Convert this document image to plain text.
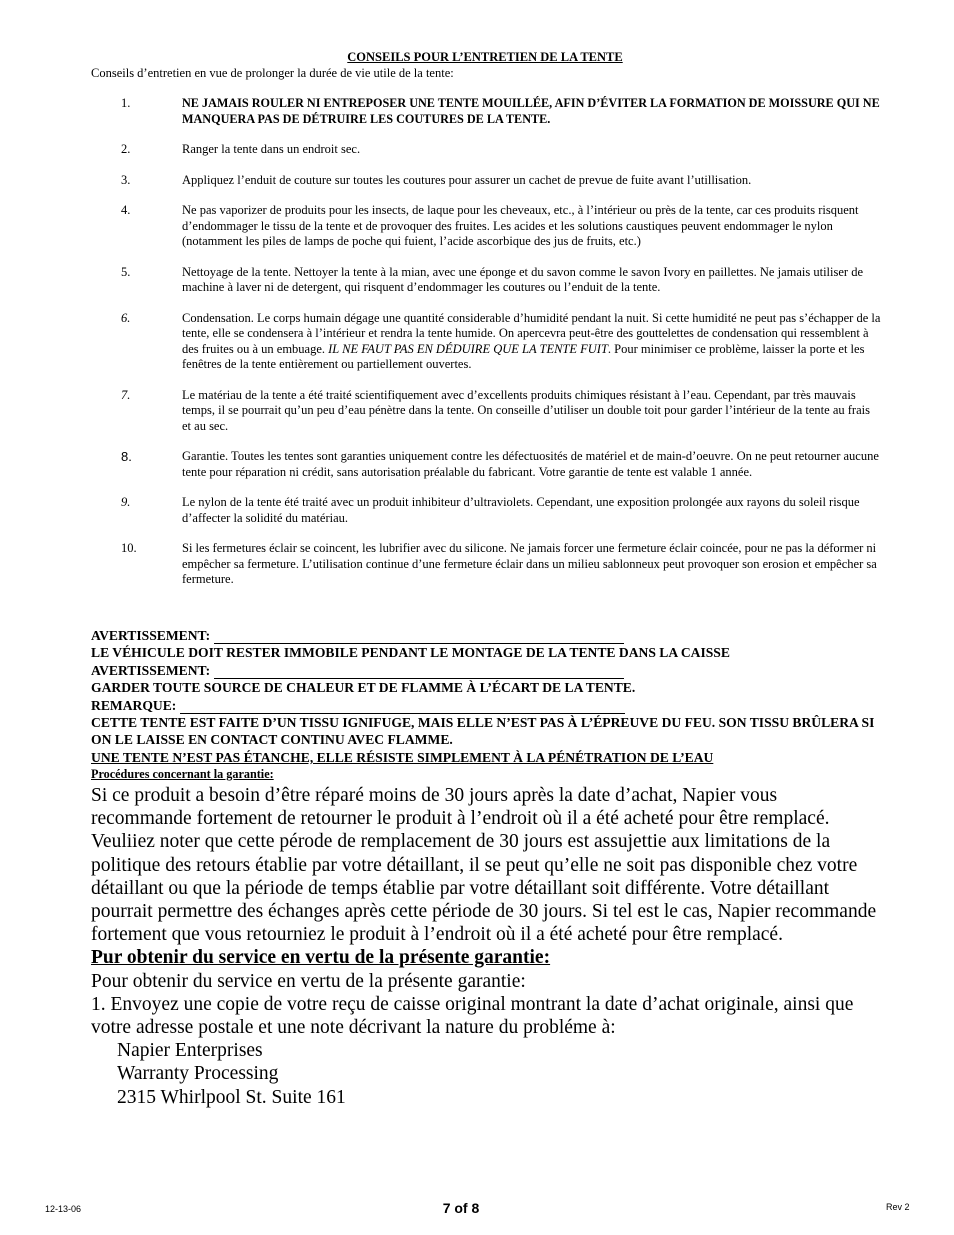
CONSEILS POUR L’ENTRETIEN DE LA TENTE
Conseils d’entretien en vue de prolonger la durée de vie utile de la tente:
1.	NE JAMAIS ROULER NI ENTREPOSER UNE TENTE MOUILLÉE, AFIN D’ÉVITER LA FORMATION DE MOISSURE QUI NE MANQUERA PAS DE DÉTRUIRE LES COUTURES DE LA TENTE.
2.	Ranger la tente dans un endroit sec.
3.	Appliquez l’enduit de couture sur toutes les coutures pour assurer un cachet de prevue de fuite avant l’utillisation.
4.	Ne pas vaporizer de produits pour les insects, de laque pour les cheveaux, etc., à l’intérieur ou près de la tente, car ces produits risquent d’endommager le tissu de la tente et de provoquer des fruites. Les acides et les solutions caustiques peuvent endommager le nylon (notamment les piles de lamps de poche qui fuient, l’acide ascorbique des jus de fruits, etc.)
5.	Nettoyage de la tente. Nettoyer la tente à la mian, avec une éponge et du savon comme le savon Ivory en paillettes. Ne jamais utiliser de machine à laver ni de detergent, qui risquent d’endommager les coutures ou l’enduit de la tente.
6.	Condensation. Le corps humain dégage une quantité considerable d’humidité pendant la nuit. Si cette humidité ne peut pas s’échapper de la tente, elle se condensera à l’intérieur et rendra la tente humide. On apercevra peut-être des gouttelettes de condensation qui ressemblent à des fruites ou à un embuage. IL NE FAUT PAS EN DÉDUIRE QUE LA TENTE FUIT. Pour minimiser ce problème, laisser la porte et les fenêtres de la tente entièrement ou partiellement ouvertes.
7.	Le matériau de la tente a été traité scientifiquement avec d’excellents produits chimiques résistant à l’eau. Cependant, par très mauvais temps, il se pourrait qu’un peu d’eau pénètre dans la tente. On conseille d’utiliser un double toit pour garder l’intérieur de la tente au frais et au sec.
8.	Garantie. Toutes les tentes sont garanties uniquement contre les défectuosités de matériel et de main-d’oeuvre. On ne peut retourner aucune tente pour réparation ni crédit, sans autorisation préalable du fabricant. Votre garantie de tente est valable 1 année.
9.	Le nylon de la tente été traité avec un produit inhibiteur d’ultraviolets. Cependant, une exposition prolongée aux rayons du soleil risque d’affecter la solidité du matériau.
10.	Si les fermetures éclair se coincent, les lubrifier avec du silicone. Ne jamais forcer une fermeture éclair coincée, pour ne pas la déformer ni empêcher sa fermeture. L’utilisation continue d’une fermeture éclair dans un milieu sablonneux peut provoquer son erosion et empêcher sa fermeture.
AVERTISSEMENT:
LE VÉHICULE DOIT RESTER IMMOBILE PENDANT LE MONTAGE DE LA TENTE DANS LA CAISSE
AVERTISSEMENT:
GARDER TOUTE SOURCE DE CHALEUR ET DE FLAMME À L’ÉCART DE LA TENTE.
REMARQUE:
CETTE TENTE EST FAITE D’UN TISSU IGNIFUGE, MAIS ELLE N’EST PAS À L’ÉPREUVE DU FEU. SON TISSU BRÛLERA SI ON LE LAISSE EN CONTACT CONTINU AVEC FLAMME.
UNE TENTE N’EST PAS ÉTANCHE, ELLE RÉSISTE SIMPLEMENT À LA PÉNÉTRATION DE L’EAU
Procédures concernant la garantie:

Si ce produit a besoin d’être réparé moins de 30 jours après la date d’achat, Napier vous recommande fortement de retourner le produit à l’endroit où il a été acheté pour être remplacé. Veuliiez noter que cette pérode de remplacement de 30 jours est assujettie aux limitations de la politique des retours établie par votre détaillant, il se peut qu’elle ne soit pas disponible chez votre détaillant ou que la période de temps établie par votre détaillant soit différente. Votre détaillant pourrait permettre des échanges après cette période de 30 jours. Si tel est le cas, Napier recommande fortement que vous retourniez le produit à l’endroit où il a été acheté pour être remplacé.

Pur obtenir du service en vertu de la présente garantie:

Pour obtenir du service en vertu de la présente garantie:

1. Envoyez une copie de votre reçu de caisse original montrant la date d’achat originale, ainsi que votre adresse postale et une note décrivant la nature du probléme à:

Napier Enterprises

Warranty Processing

2315 Whirlpool St. Suite 161

12-13-06	7 of 8	Rev 2
